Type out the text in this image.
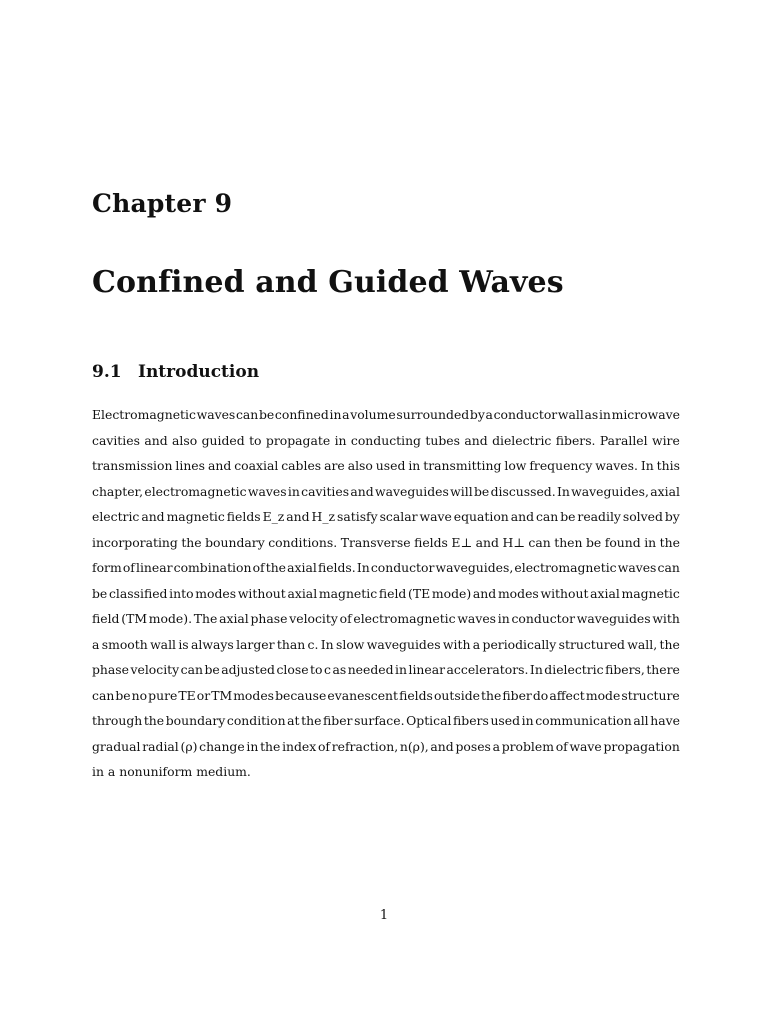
Chapter 9
Confined and Guided Waves
9.1 Introduction
Electromagnetic waves can be confined in a volume surrounded by a conductor wall as in microwave
cavities and also guided to propagate in conducting tubes and dielectric fibers. Parallel wire
transmission lines and coaxial cables are also used in transmitting low frequency waves. In this
chapter, electromagnetic waves in cavities and waveguides will be discussed. In waveguides, axial
electric and magnetic fields E_z and H_z satisfy scalar wave equation and can be readily solved by
incorporating the boundary conditions. Transverse fields E⊥ and H⊥ can then be found in the
form of linear combination of the axial fields. In conductor waveguides, electromagnetic waves can
be classified into modes without axial magnetic field (TE mode) and modes without axial magnetic
field (TM mode). The axial phase velocity of electromagnetic waves in conductor waveguides with
a smooth wall is always larger than c. In slow waveguides with a periodically structured wall, the
phase velocity can be adjusted close to c as needed in linear accelerators. In dielectric fibers, there
can be no pure TE or TM modes because evanescent fields outside the fiber do affect mode structure
through the boundary condition at the fiber surface. Optical fibers used in communication all have
gradual radial (ρ) change in the index of refraction, n(ρ), and poses a problem of wave propagation
in a nonuniform medium.
1
